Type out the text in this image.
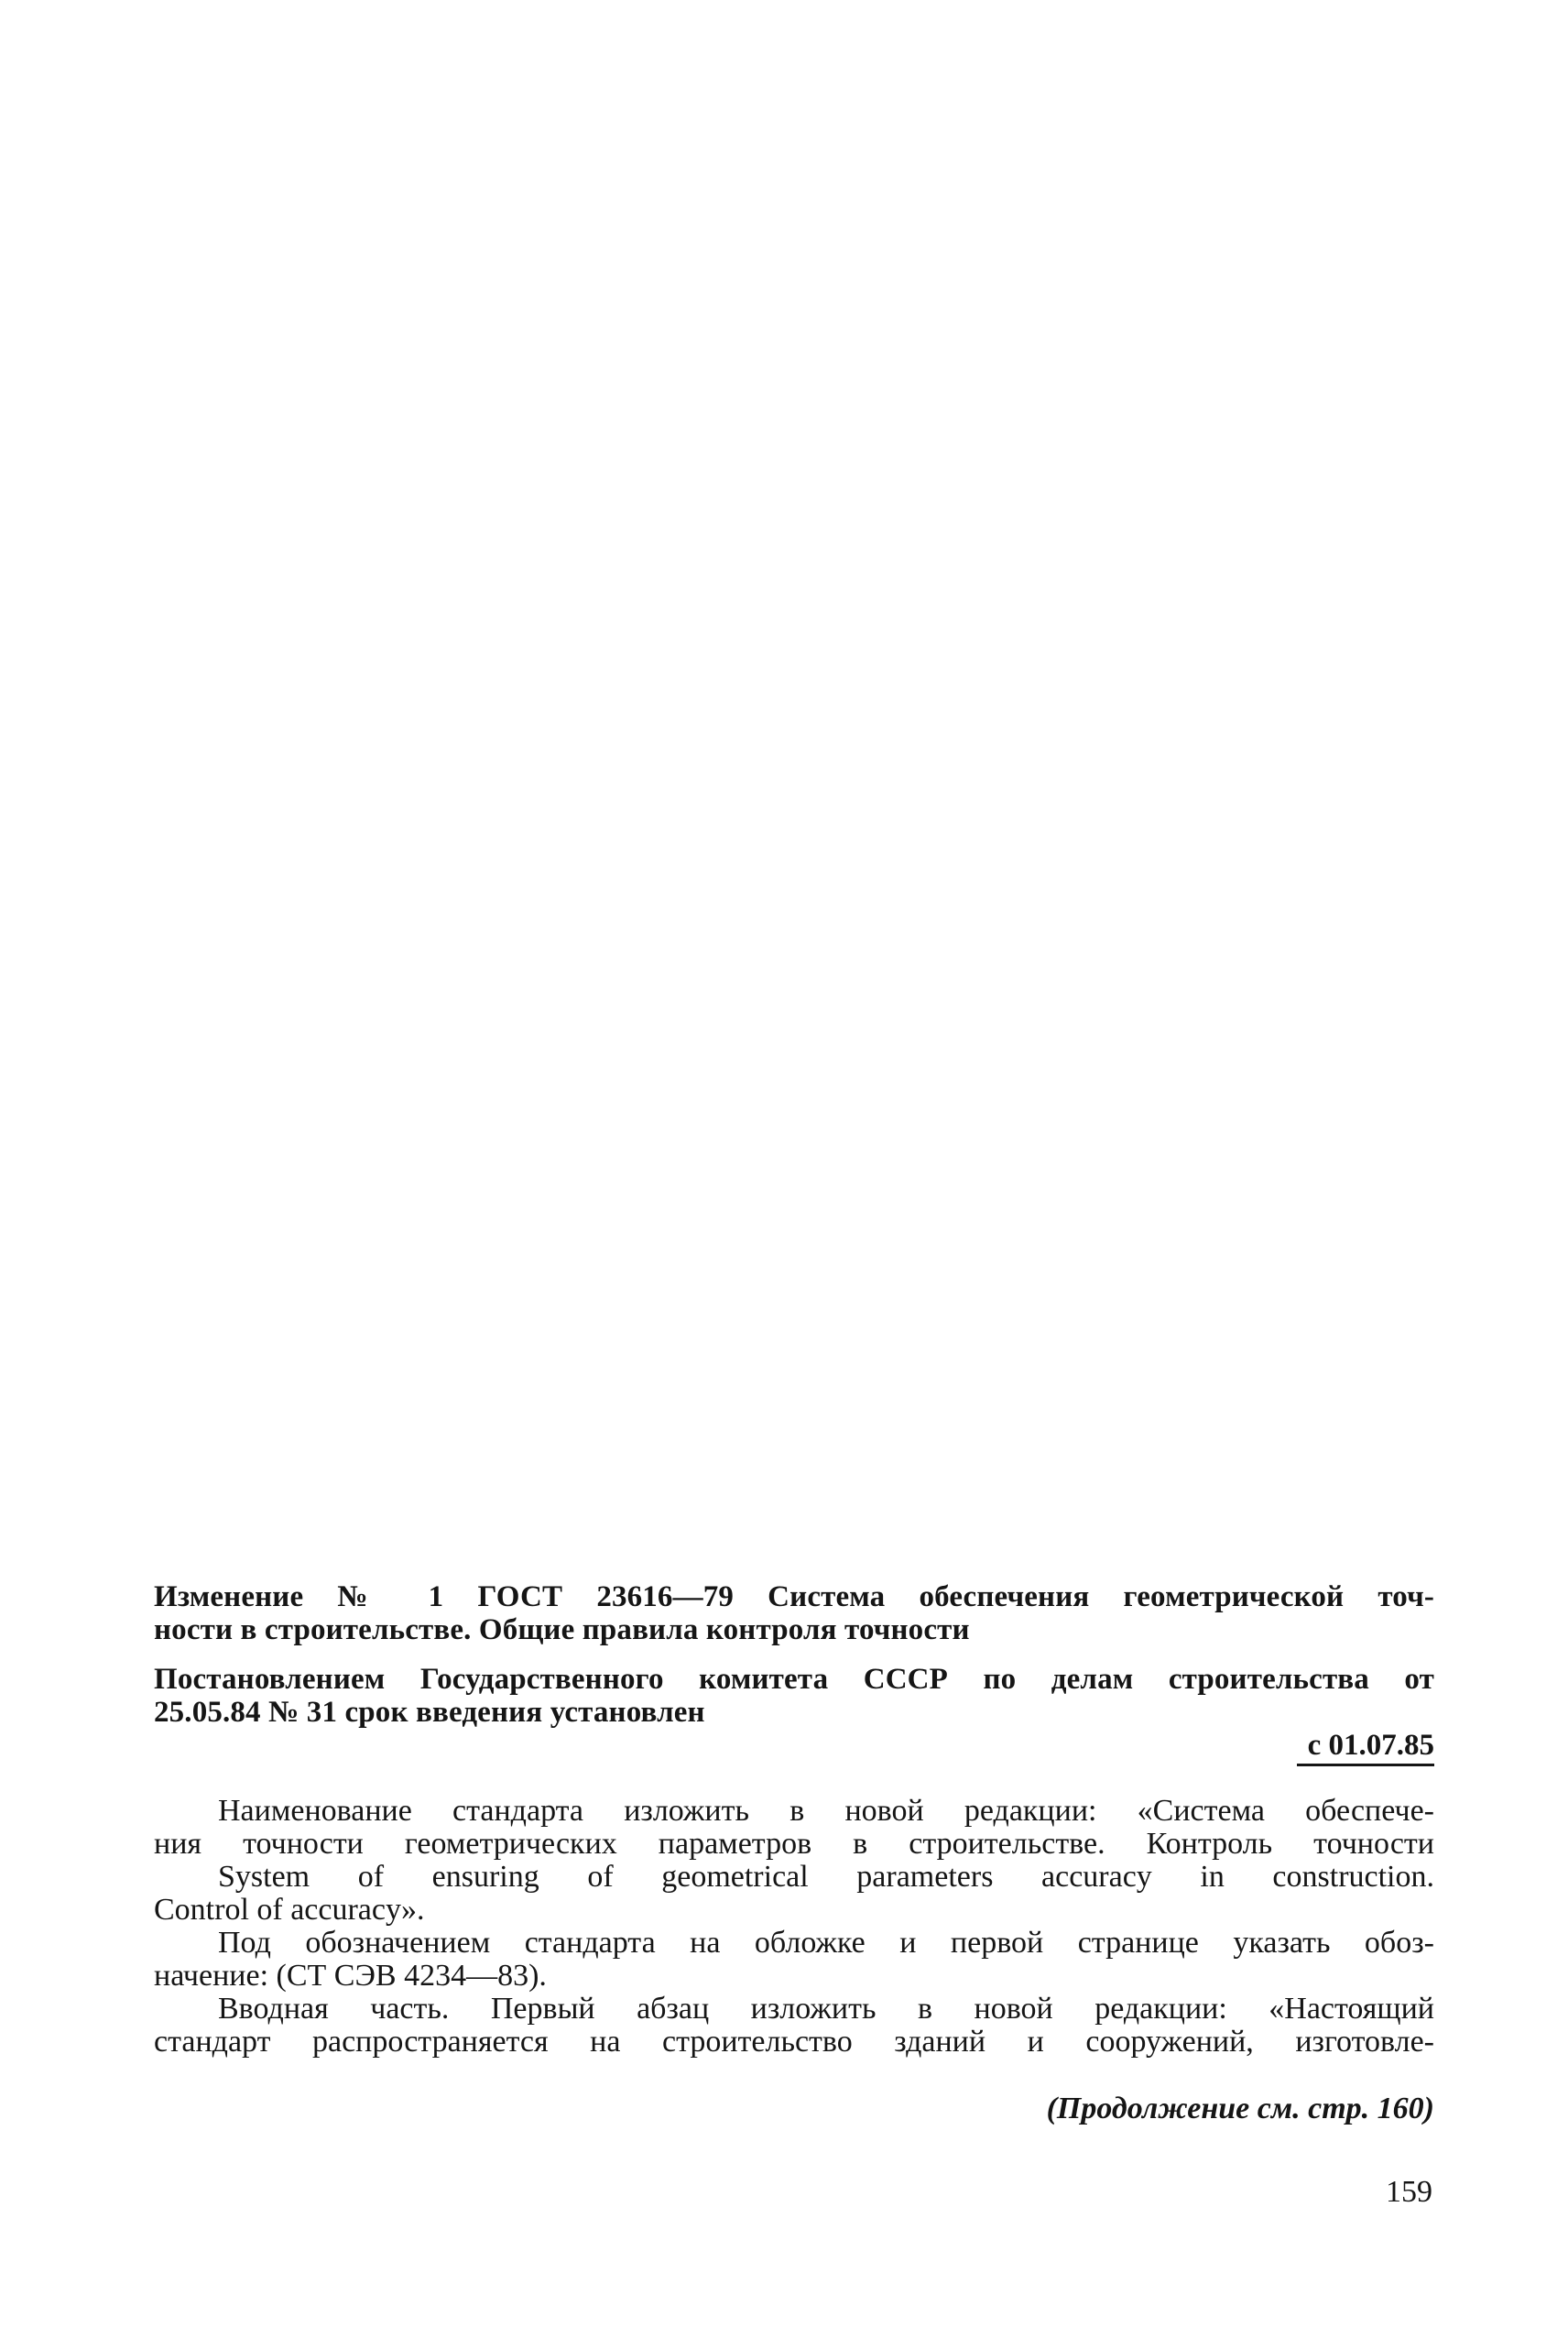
Изменение № 1 ГОСТ 23616—79 Система обеспечения геометрической точ-
ности в строительстве. Общие правила контроля точности
Постановлением Государственного комитета СССР по делам строительства от
25.05.84 № 31 срок введения установлен
с 01.07.85
Наименование стандарта изложить в новой редакции: «Система обеспече-
ния точности геометрических параметров в строительстве. Контроль точности
System of ensuring of geometrical parameters accuracy in construction.
Control of accuracy».
Под обозначением стандарта на обложке и первой странице указать обоз-
начение: (СТ СЭВ 4234—83).
Вводная часть. Первый абзац изложить в новой редакции: «Настоящий
стандарт распространяется на строительство зданий и сооружений, изготовле-
(Продолжение см. стр. 160)
159
